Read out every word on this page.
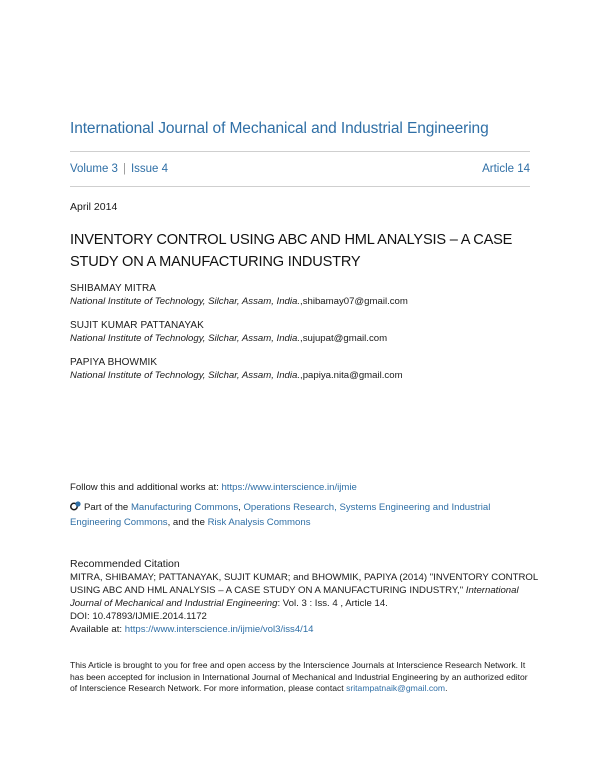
International Journal of Mechanical and Industrial Engineering
Volume 3 | Issue 4	Article 14
April 2014
INVENTORY CONTROL USING ABC AND HML ANALYSIS – A CASE STUDY ON A MANUFACTURING INDUSTRY
SHIBAMAY MITRA
National Institute of Technology, Silchar, Assam, India.,shibamay07@gmail.com
SUJIT KUMAR PATTANAYAK
National Institute of Technology, Silchar, Assam, India.,sujupat@gmail.com
PAPIYA BHOWMIK
National Institute of Technology, Silchar, Assam, India.,papiya.nita@gmail.com
Follow this and additional works at: https://www.interscience.in/ijmie
Part of the Manufacturing Commons, Operations Research, Systems Engineering and Industrial Engineering Commons, and the Risk Analysis Commons
Recommended Citation
MITRA, SHIBAMAY; PATTANAYAK, SUJIT KUMAR; and BHOWMIK, PAPIYA (2014) "INVENTORY CONTROL
USING ABC AND HML ANALYSIS – A CASE STUDY ON A MANUFACTURING INDUSTRY," International
Journal of Mechanical and Industrial Engineering: Vol. 3 : Iss. 4 , Article 14.
DOI: 10.47893/IJMIE.2014.1172
Available at: https://www.interscience.in/ijmie/vol3/iss4/14
This Article is brought to you for free and open access by the Interscience Journals at Interscience Research Network. It has been accepted for inclusion in International Journal of Mechanical and Industrial Engineering by an authorized editor of Interscience Research Network. For more information, please contact sritampatnaik@gmail.com.
